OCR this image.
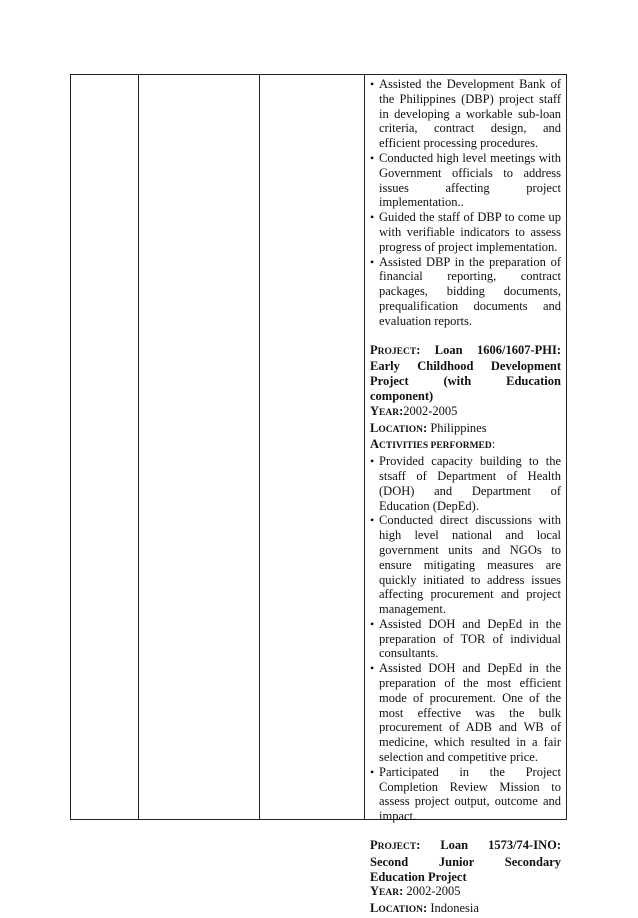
• Assisted the Development Bank of the Philippines (DBP) project staff in developing a workable sub-loan criteria, contract design, and efficient processing procedures.
• Conducted high level meetings with Government officials to address issues affecting project implementation..
• Guided the staff of DBP to come up with verifiable indicators to assess progress of project implementation.
• Assisted DBP in the preparation of financial reporting, contract packages, bidding documents, prequalification documents and evaluation reports.
PROJECT: Loan 1606/1607-PHI: Early Childhood Development Project (with Education component)
YEAR:2002-2005
LOCATION: Philippines
ACTIVITIES PERFORMED:
• Provided capacity building to the stsaff of Department of Health (DOH) and Department of Education (DepEd).
• Conducted direct discussions with high level national and local government units and NGOs to ensure mitigating measures are quickly initiated to address issues affecting procurement and project management.
• Assisted DOH and DepEd in the preparation of TOR of individual consultants.
• Assisted DOH and DepEd in the preparation of the most efficient mode of procurement. One of the most effective was the bulk procurement of ADB and WB of medicine, which resulted in a fair selection and competitive price.
• Participated in the Project Completion Review Mission to assess project output, outcome and impact.
PROJECT: Loan 1573/74-INO: Second Junior Secondary Education Project
YEAR: 2002-2005
LOCATION: Indonesia
